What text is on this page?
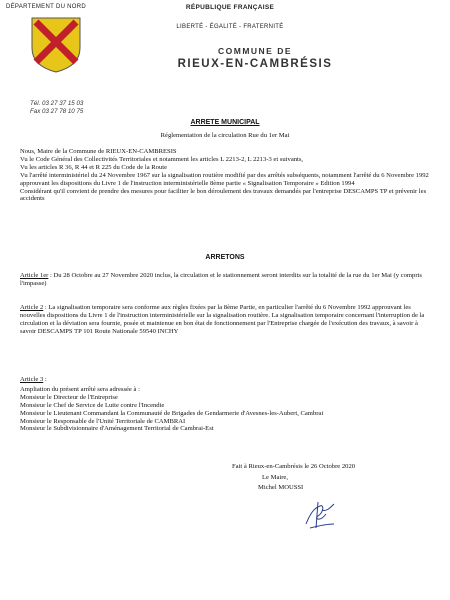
DÉPARTEMENT DU NORD	RÉPUBLIQUE FRANÇAISE
LIBERTÉ - ÉGALITÉ - FRATERNITÉ
COMMUNE DE
RIEUX-EN-CAMBRÉSIS
Tél. 03 27 37 15 03
Fax 03 27 78 10 75
ARRETE MUNICIPAL
Réglementation de la circulation Rue du 1er Mai
Nous, Maire de la Commune de RIEUX-EN-CAMBRESIS
Vu le Code Général des Collectivités Territoriales et notamment les articles L 2213-2, L 2213-3 et suivants,
Vu les articles R 36, R 44 et R 225 du Code de la Route
Vu l'arrêté interministériel du 24 Novembre 1967 sur la signalisation routière modifié par des arrêtés subséquents, notamment l'arrêté du 6 Novembre 1992 approuvant les dispositions du Livre 1 de l'instruction interministérielle 8ème partie « Signalisation Temporaire » Edition 1994
Considérant qu'il convient de prendre des mesures pour faciliter le bon déroulement des travaux demandés par l'entreprise DESCAMPS TP et prévenir les accidents
ARRETONS
Article 1er : Du 28 Octobre au 27 Novembre 2020 inclus, la circulation et le stationnement seront interdits sur la totalité de la rue du 1er Mai (y compris l'impasse)
Article 2 : La signalisation temporaire sera conforme aux règles fixées par la 8ème Partie, en particulier l'arrêté du 6 Novembre 1992 approuvant les nouvelles dispositions du Livre 1 de l'instruction interministérielle sur la signalisation routière. La signalisation temporaire concernant l'interruption de la circulation et la déviation sera fournie, posée et maintenue en bon état de fonctionnement par l'Entreprise chargée de l'exécution des travaux, à savoir à savoir DESCAMPS TP 101 Route Nationale 59540 INCHY
Article 3 :
Ampliation du présent arrêté sera adressée à :
Monsieur le Directeur de l'Entreprise
Monsieur le Chef de Service de Lutte contre l'Incendie
Monsieur le Lieutenant Commandant la Communauté de Brigades de Gendarmerie d'Avesnes-les-Aubert, Cambrai
Monsieur le Responsable de l'Unité Territoriale de CAMBRAI
Monsieur le Subdivisionnaire d'Aménagement Territorial de Cambrai-Est
Fait à Rieux-en-Cambrésis le 26 Octobre 2020
Le Maire,
Michel MOUSSI
